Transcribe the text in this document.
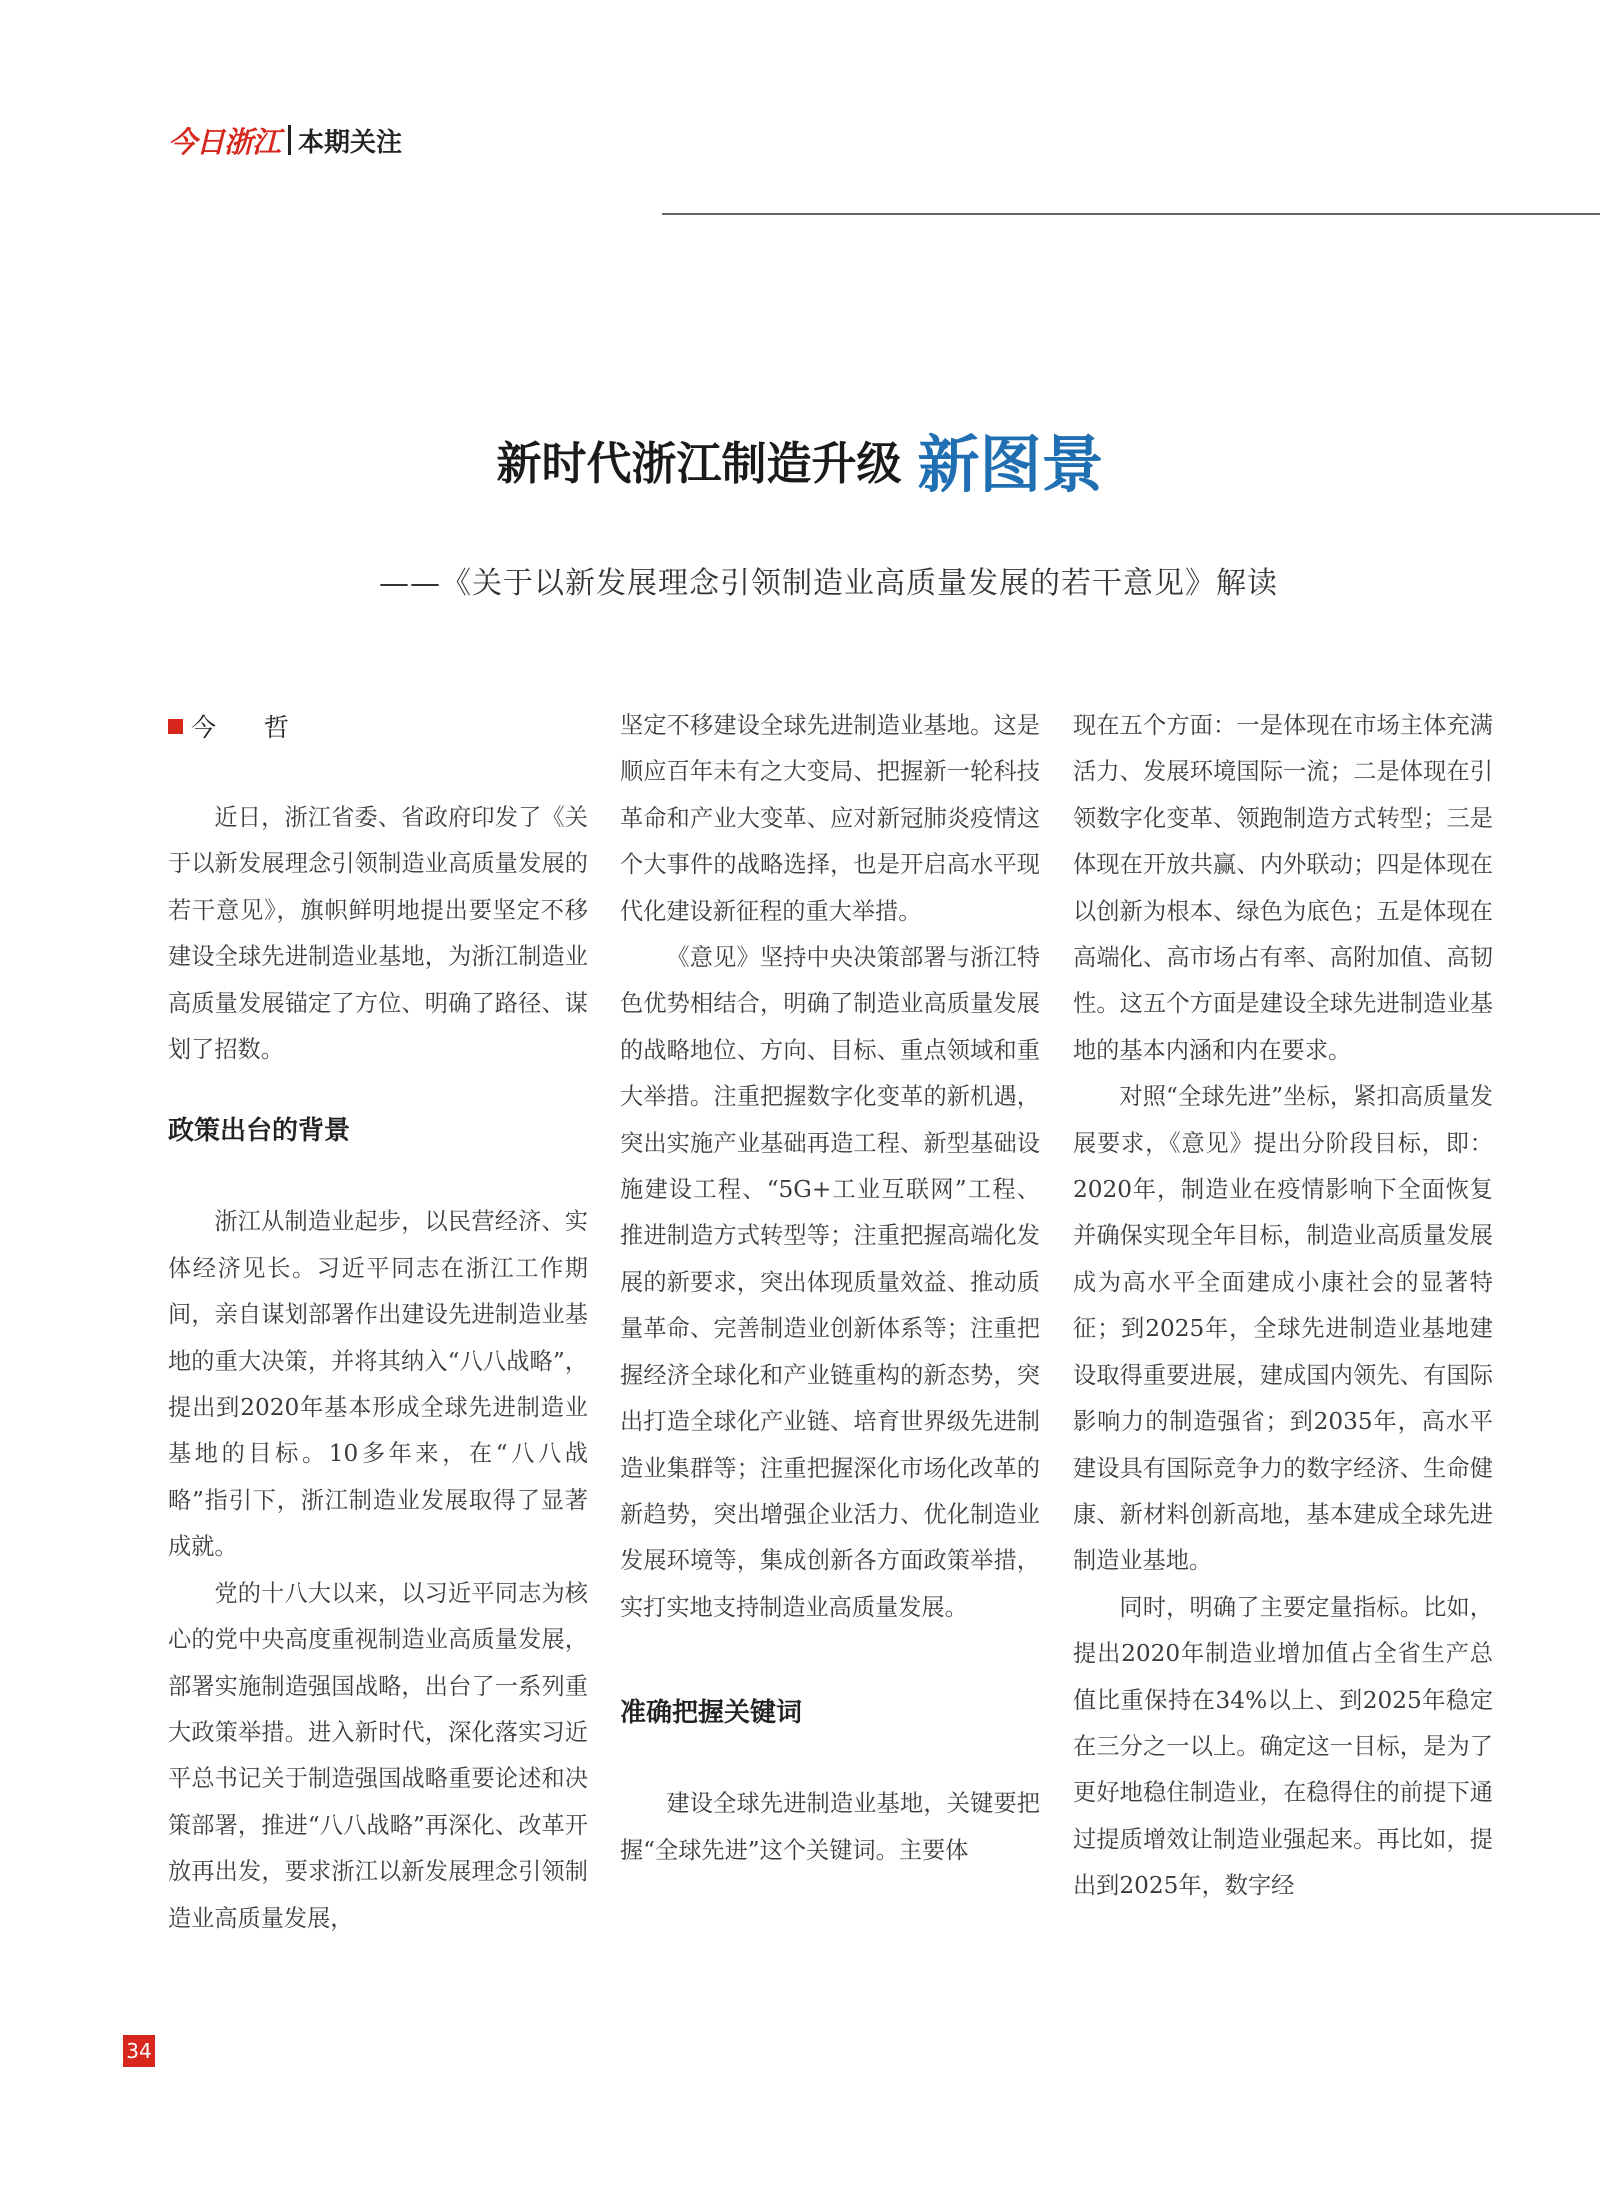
今日浙江 本期关注
新时代浙江制造升级 新图景
——《关于以新发展理念引领制造业高质量发展的若干意见》解读
今 哲

近日，浙江省委、省政府印发了《关于以新发展理念引领制造业高质量发展的若干意见》，旗帜鲜明地提出要坚定不移建设全球先进制造业基地，为浙江制造业高质量发展锚定了方位、明确了路径、谋划了招数。

政策出台的背景

浙江从制造业起步，以民营经济、实体经济见长。习近平同志在浙江工作期间，亲自谋划部署作出建设先进制造业基地的重大决策，并将其纳入“八八战略”，提出到2020年基本形成全球先进制造业基地的目标。10多年来，在“八八战略”指引下，浙江制造业发展取得了显著成就。

党的十八大以来，以习近平同志为核心的党中央高度重视制造业高质量发展，部署实施制造强国战略，出台了一系列重大政策举措。进入新时代，深化落实习近平总书记关于制造强国战略重要论述和决策部署，推进“八八战略”再深化、改革开放再出发，要求浙江以新发展理念引领制造业高质量发展，

坚定不移建设全球先进制造业基地。这是顺应百年未有之大变局、把握新一轮科技革命和产业大变革、应对新冠肺炎疫情这个大事件的战略选择，也是开启高水平现代化建设新征程的重大举措。

《意见》坚持中央决策部署与浙江特色优势相结合，明确了制造业高质量发展的战略地位、方向、目标、重点领域和重大举措。注重把握数字化变革的新机遇，突出实施产业基础再造工程、新型基础设施建设工程、“5G+工业互联网”工程、推进制造方式转型等；注重把握高端化发展的新要求，突出体现质量效益、推动质量革命、完善制造业创新体系等；注重把握经济全球化和产业链重构的新态势，突出打造全球化产业链、培育世界级先进制造业集群等；注重把握深化市场化改革的新趋势，突出增强企业活力、优化制造业发展环境等，集成创新各方面政策举措，实打实地支持制造业高质量发展。

准确把握关键词

建设全球先进制造业基地，关键要把握“全球先进”这个关键词。主要体

现在五个方面：一是体现在市场主体充满活力、发展环境国际一流；二是体现在引领数字化变革、领跑制造方式转型；三是体现在开放共赢、内外联动；四是体现在以创新为根本、绿色为底色；五是体现在高端化、高市场占有率、高附加值、高韧性。这五个方面是建设全球先进制造业基地的基本内涵和内在要求。

对照“全球先进”坐标，紧扣高质量发展要求，《意见》提出分阶段目标，即：2020年，制造业在疫情影响下全面恢复并确保实现全年目标，制造业高质量发展成为高水平全面建成小康社会的显著特征；到2025年，全球先进制造业基地建设取得重要进展，建成国内领先、有国际影响力的制造强省；到2035年，高水平建设具有国际竞争力的数字经济、生命健康、新材料创新高地，基本建成全球先进制造业基地。

同时，明确了主要定量指标。比如，提出2020年制造业增加值占全省生产总值比重保持在34%以上、到2025年稳定在三分之一以上。确定这一目标，是为了更好地稳住制造业，在稳得住的前提下通过提质增效让制造业强起来。再比如，提出到2025年，数字经

34
